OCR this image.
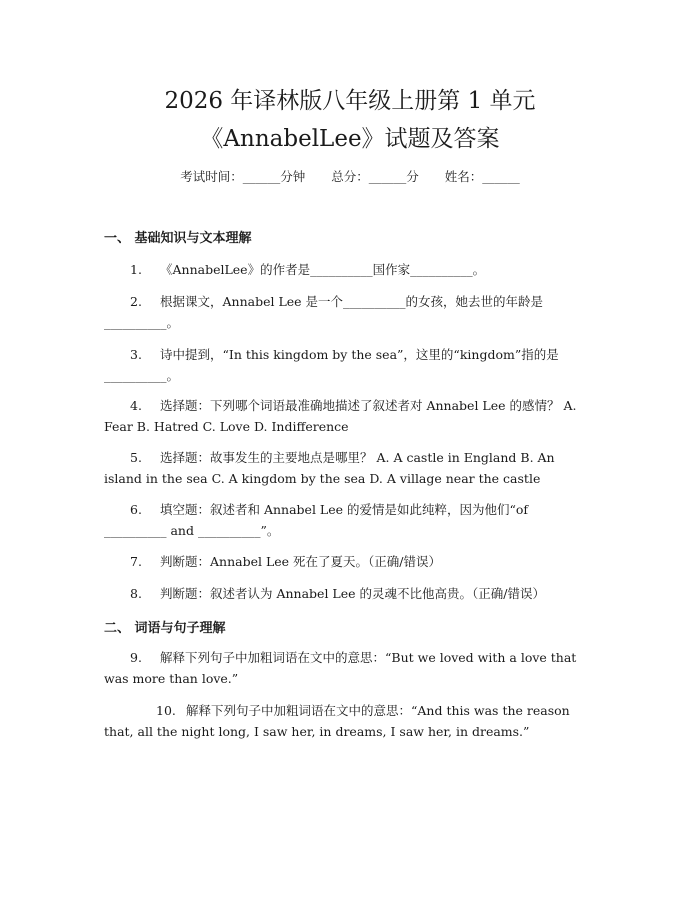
2026 年译林版八年级上册第 1 单元
《AnnabelLee》试题及答案
考试时间：______分钟 总分：______分 姓名：______

一、 基础知识与文本理解

1. 《AnnabelLee》的作者是__________国作家__________。

2. 根据课文，Annabel Lee 是一个__________的女孩，她去世的年龄是__________。

3. 诗中提到，“In this kingdom by the sea”，这里的“kingdom”指的是__________。

4. 选择题：下列哪个词语最准确地描述了叙述者对 Annabel Lee 的感情？ A. Fear B. Hatred C. Love D. Indifference

5. 选择题：故事发生的主要地点是哪里？ A. A castle in England B. An island in the sea C. A kingdom by the sea D. A village near the castle

6. 填空题：叙述者和 Annabel Lee 的爱情是如此纯粹，因为他们“of __________ and __________”。

7. 判断题：Annabel Lee 死在了夏天。（正确/错误）

8. 判断题：叙述者认为 Annabel Lee 的灵魂不比他高贵。（正确/错误）

二、 词语与句子理解

9. 解释下列句子中加粗词语在文中的意思：“But we loved with a love that was more than love.”

10. 解释下列句子中加粗词语在文中的意思：“And this was the reason that, all the night long, I saw her, in dreams, I saw her, in dreams.”
